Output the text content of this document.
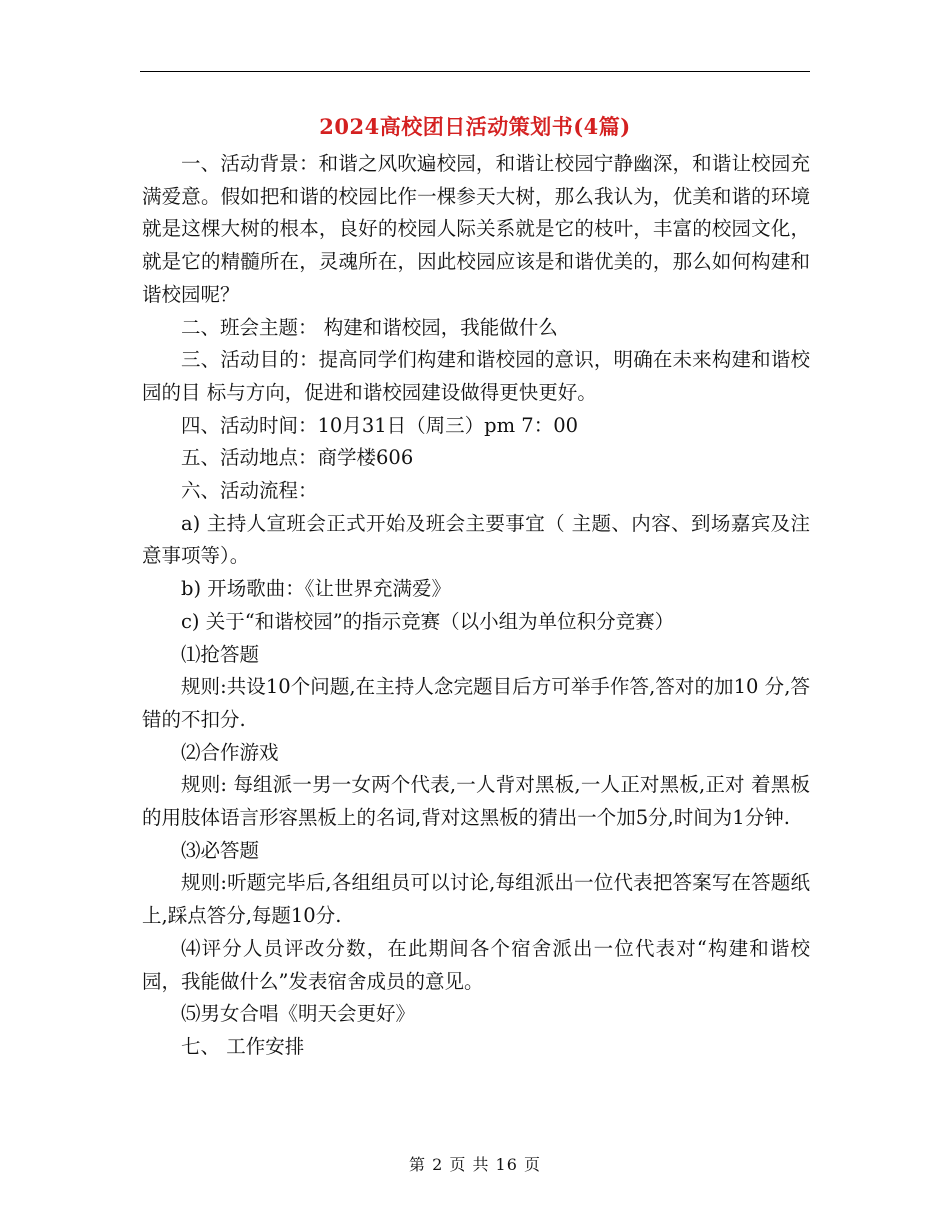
2024高校团日活动策划书(4篇)

一、活动背景：和谐之风吹遍校园，和谐让校园宁静幽深，和谐让校园充满爱意。假如把和谐的校园比作一棵参天大树，那么我认为，优美和谐的环境就是这棵大树的根本，良好的校园人际关系就是它的枝叶，丰富的校园文化，就是它的精髓所在，灵魂所在，因此校园应该是和谐优美的，那么如何构建和谐校园呢？

二、班会主题： 构建和谐校园，我能做什么

三、活动目的：提高同学们构建和谐校园的意识，明确在未来构建和谐校园的目 标与方向，促进和谐校园建设做得更快更好。

四、活动时间：10月31日（周三）pm 7：00

五、活动地点：商学楼606

六、活动流程：

a) 主持人宣班会正式开始及班会主要事宜（ 主题、内容、到场嘉宾及注意事项等）。

b) 开场歌曲：《让世界充满爱》

c) 关于“和谐校园”的指示竞赛（以小组为单位积分竞赛）

⑴抢答题

规则:共设10个问题,在主持人念完题目后方可举手作答,答对的加10 分,答错的不扣分.

⑵合作游戏

规则: 每组派一男一女两个代表,一人背对黑板,一人正对黑板,正对 着黑板的用肢体语言形容黑板上的名词,背对这黑板的猜出一个加5分,时间为1分钟.

⑶必答题

规则:听题完毕后,各组组员可以讨论,每组派出一位代表把答案写在答题纸上,踩点答分,每题10分.

⑷评分人员评改分数，在此期间各个宿舍派出一位代表对“构建和谐校园，我能做什么”发表宿舍成员的意见。

⑸男女合唱《明天会更好》

七、 工作安排

第 2 页 共 16 页
